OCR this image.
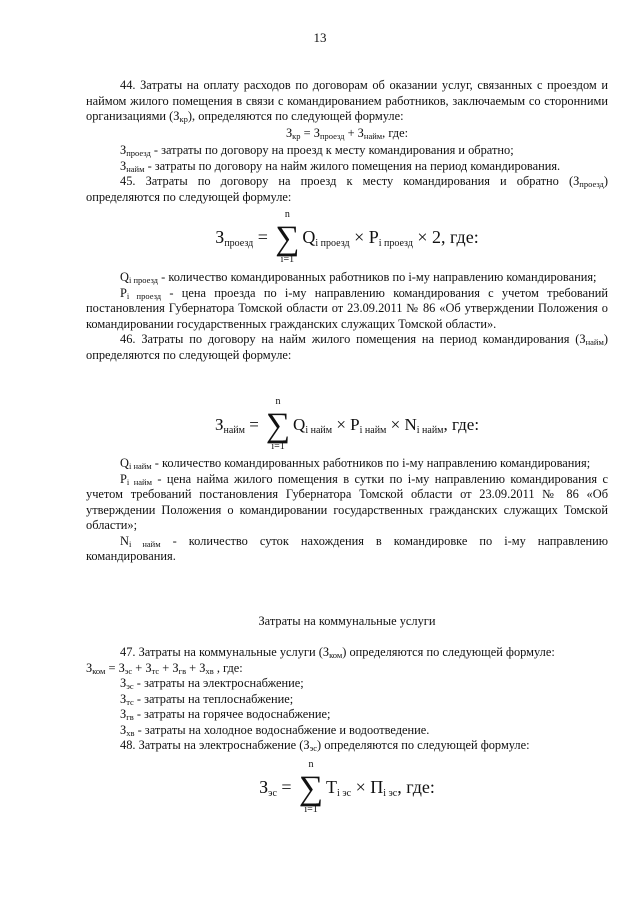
13

44. Затраты на оплату расходов по договорам об оказании услуг, связанных с проездом и наймом жилого помещения в связи с командированием работников, заключаемым со сторонними организациями $(З_{кр})$, определяются по следующей формуле:

$З_{кр} = З_{проезд} + З_{найм}$, где:

$З_{проезд}$ - затраты по договору на проезд к месту командирования и обратно;

$З_{найм}$ - затраты по договору на найм жилого помещения на период командирования.

45. Затраты по договору на проезд к месту командирования и обратно $(З_{проезд})$ определяются по следующей формуле:

$З_{проезд}$ =
n
∑
i=1
$Q_{i проезд} \times P_{i проезд} \times 2$, где:

$Q_{i проезд}$ - количество командированных работников по i-му направлению командирования;

$P_{i проезд}$ - цена проезда по i-му направлению командирования с учетом требований постановления Губернатора Томской области от 23.09.2011 № 86 «Об утверждении Положения о командировании государственных гражданских служащих Томской области».

46. Затраты по договору на найм жилого помещения на период командирования $(З_{найм})$ определяются по следующей формуле:

$З_{найм}$ =
n
∑
i=1
$Q_{i найм} \times P_{i найм} \times N_{i найм}$, где:

$Q_{i найм}$ - количество командированных работников по i-му направлению командирования;

$P_{i найм}$ - цена найма жилого помещения в сутки по i-му направлению командирования с учетом требований постановления Губернатора Томской области от 23.09.2011 № 86 «Об утверждении Положения о командировании государственных гражданских служащих Томской области»;

$N_{i найм}$ - количество суток нахождения в командировке по i-му направлению командирования.

Затраты на коммунальные услуги

47. Затраты на коммунальные услуги $(З_{ком})$ определяются по следующей формуле:

$З_{ком} = З_{эс} + З_{тс} + З_{гв} + З_{хв}$ , где:

$З_{эс}$ - затраты на электроснабжение;

$З_{тс}$ - затраты на теплоснабжение;

$З_{гв}$ - затраты на горячее водоснабжение;

$З_{хв}$ - затраты на холодное водоснабжение и водоотведение.

48. Затраты на электроснабжение $(З_{эс})$ определяются по следующей формуле:

$З_{эс}$ =
n
∑
i=1
$T_{i эс} \times П_{i эс}$, где:
